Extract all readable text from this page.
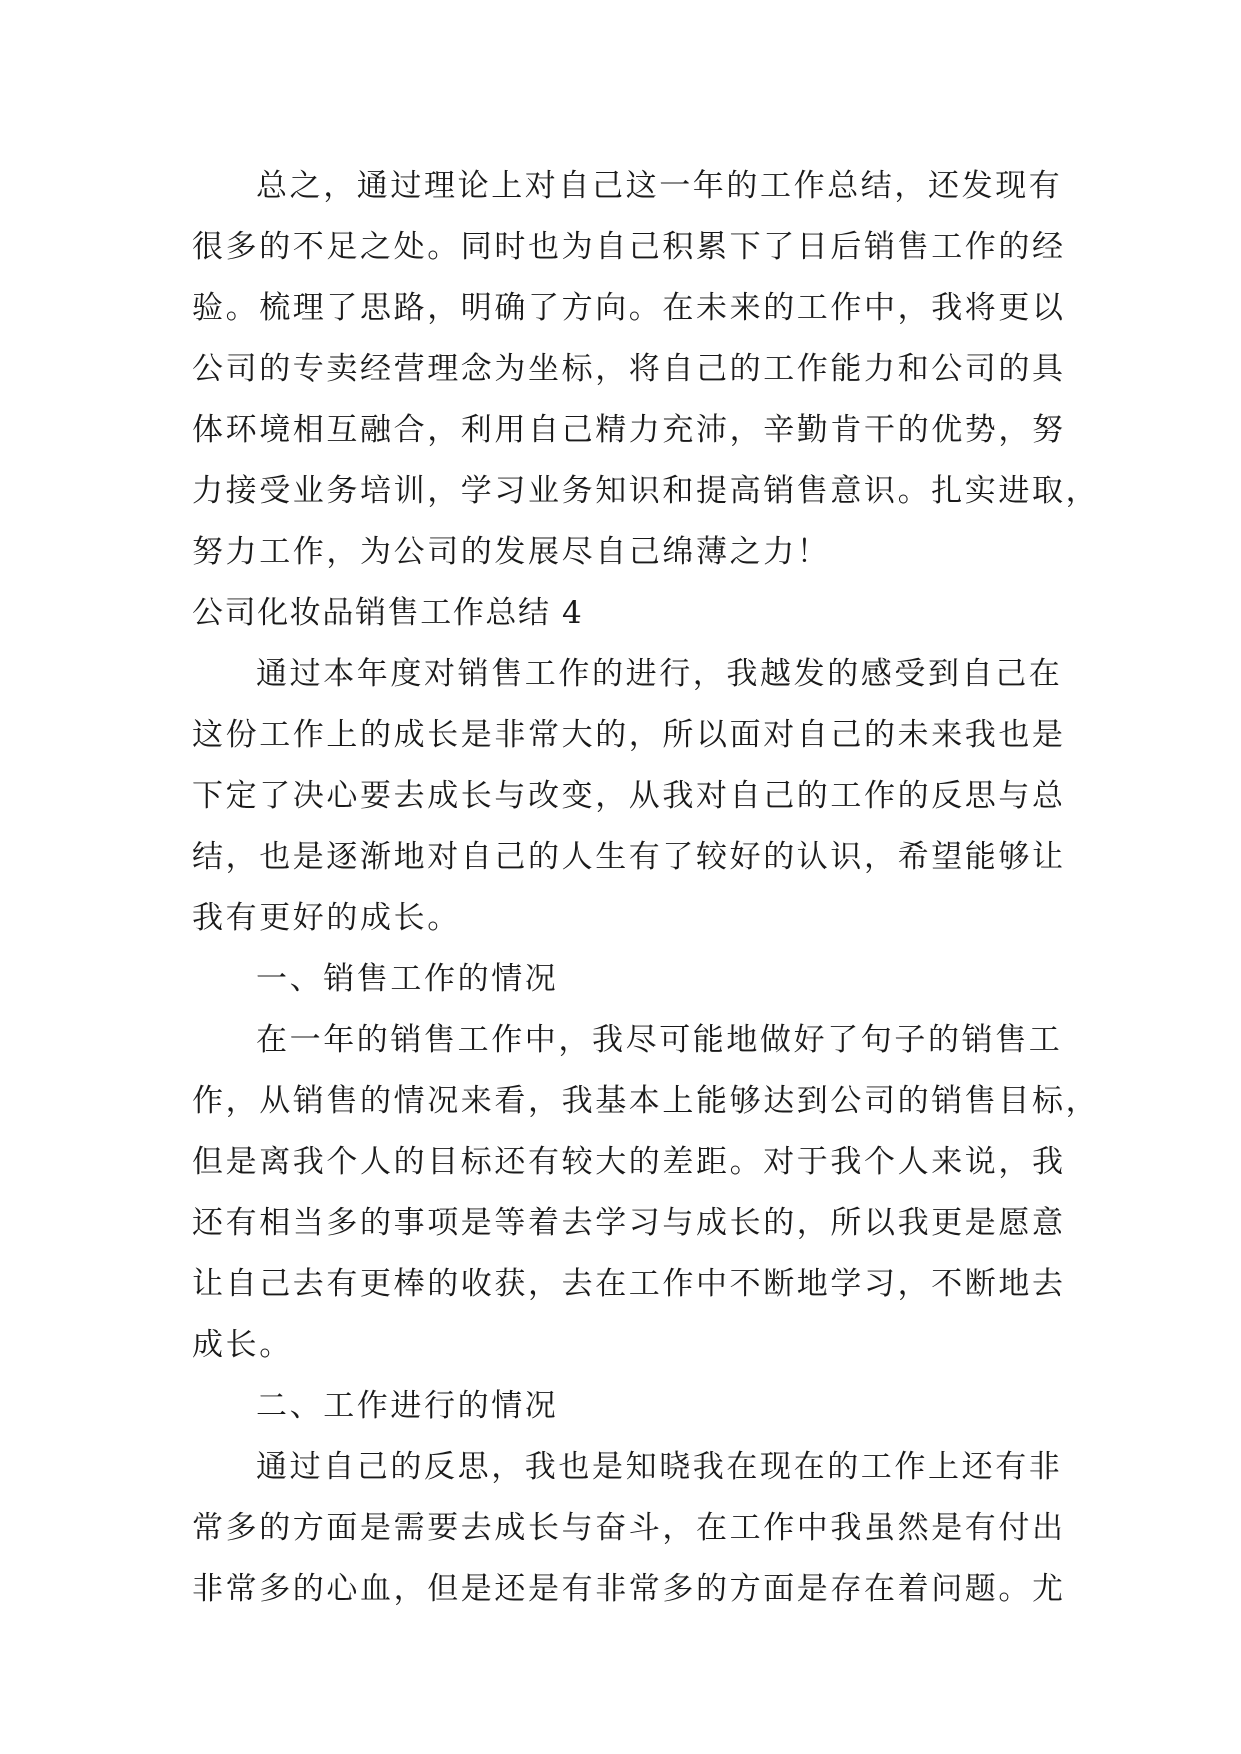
总之，通过理论上对自己这一年的工作总结，还发现有
很多的不足之处。同时也为自己积累下了日后销售工作的经
验。梳理了思路，明确了方向。在未来的工作中，我将更以
公司的专卖经营理念为坐标，将自己的工作能力和公司的具
体环境相互融合，利用自己精力充沛，辛勤肯干的优势，努
力接受业务培训，学习业务知识和提高销售意识。扎实进取，
努力工作，为公司的发展尽自己绵薄之力！
公司化妆品销售工作总结 4
通过本年度对销售工作的进行，我越发的感受到自己在
这份工作上的成长是非常大的，所以面对自己的未来我也是
下定了决心要去成长与改变，从我对自己的工作的反思与总
结，也是逐渐地对自己的人生有了较好的认识，希望能够让
我有更好的成长。
一、销售工作的情况
在一年的销售工作中，我尽可能地做好了句子的销售工
作，从销售的情况来看，我基本上能够达到公司的销售目标，
但是离我个人的目标还有较大的差距。对于我个人来说，我
还有相当多的事项是等着去学习与成长的，所以我更是愿意
让自己去有更棒的收获，去在工作中不断地学习，不断地去
成长。
二、工作进行的情况
通过自己的反思，我也是知晓我在现在的工作上还有非
常多的方面是需要去成长与奋斗，在工作中我虽然是有付出
非常多的心血，但是还是有非常多的方面是存在着问题。尤
